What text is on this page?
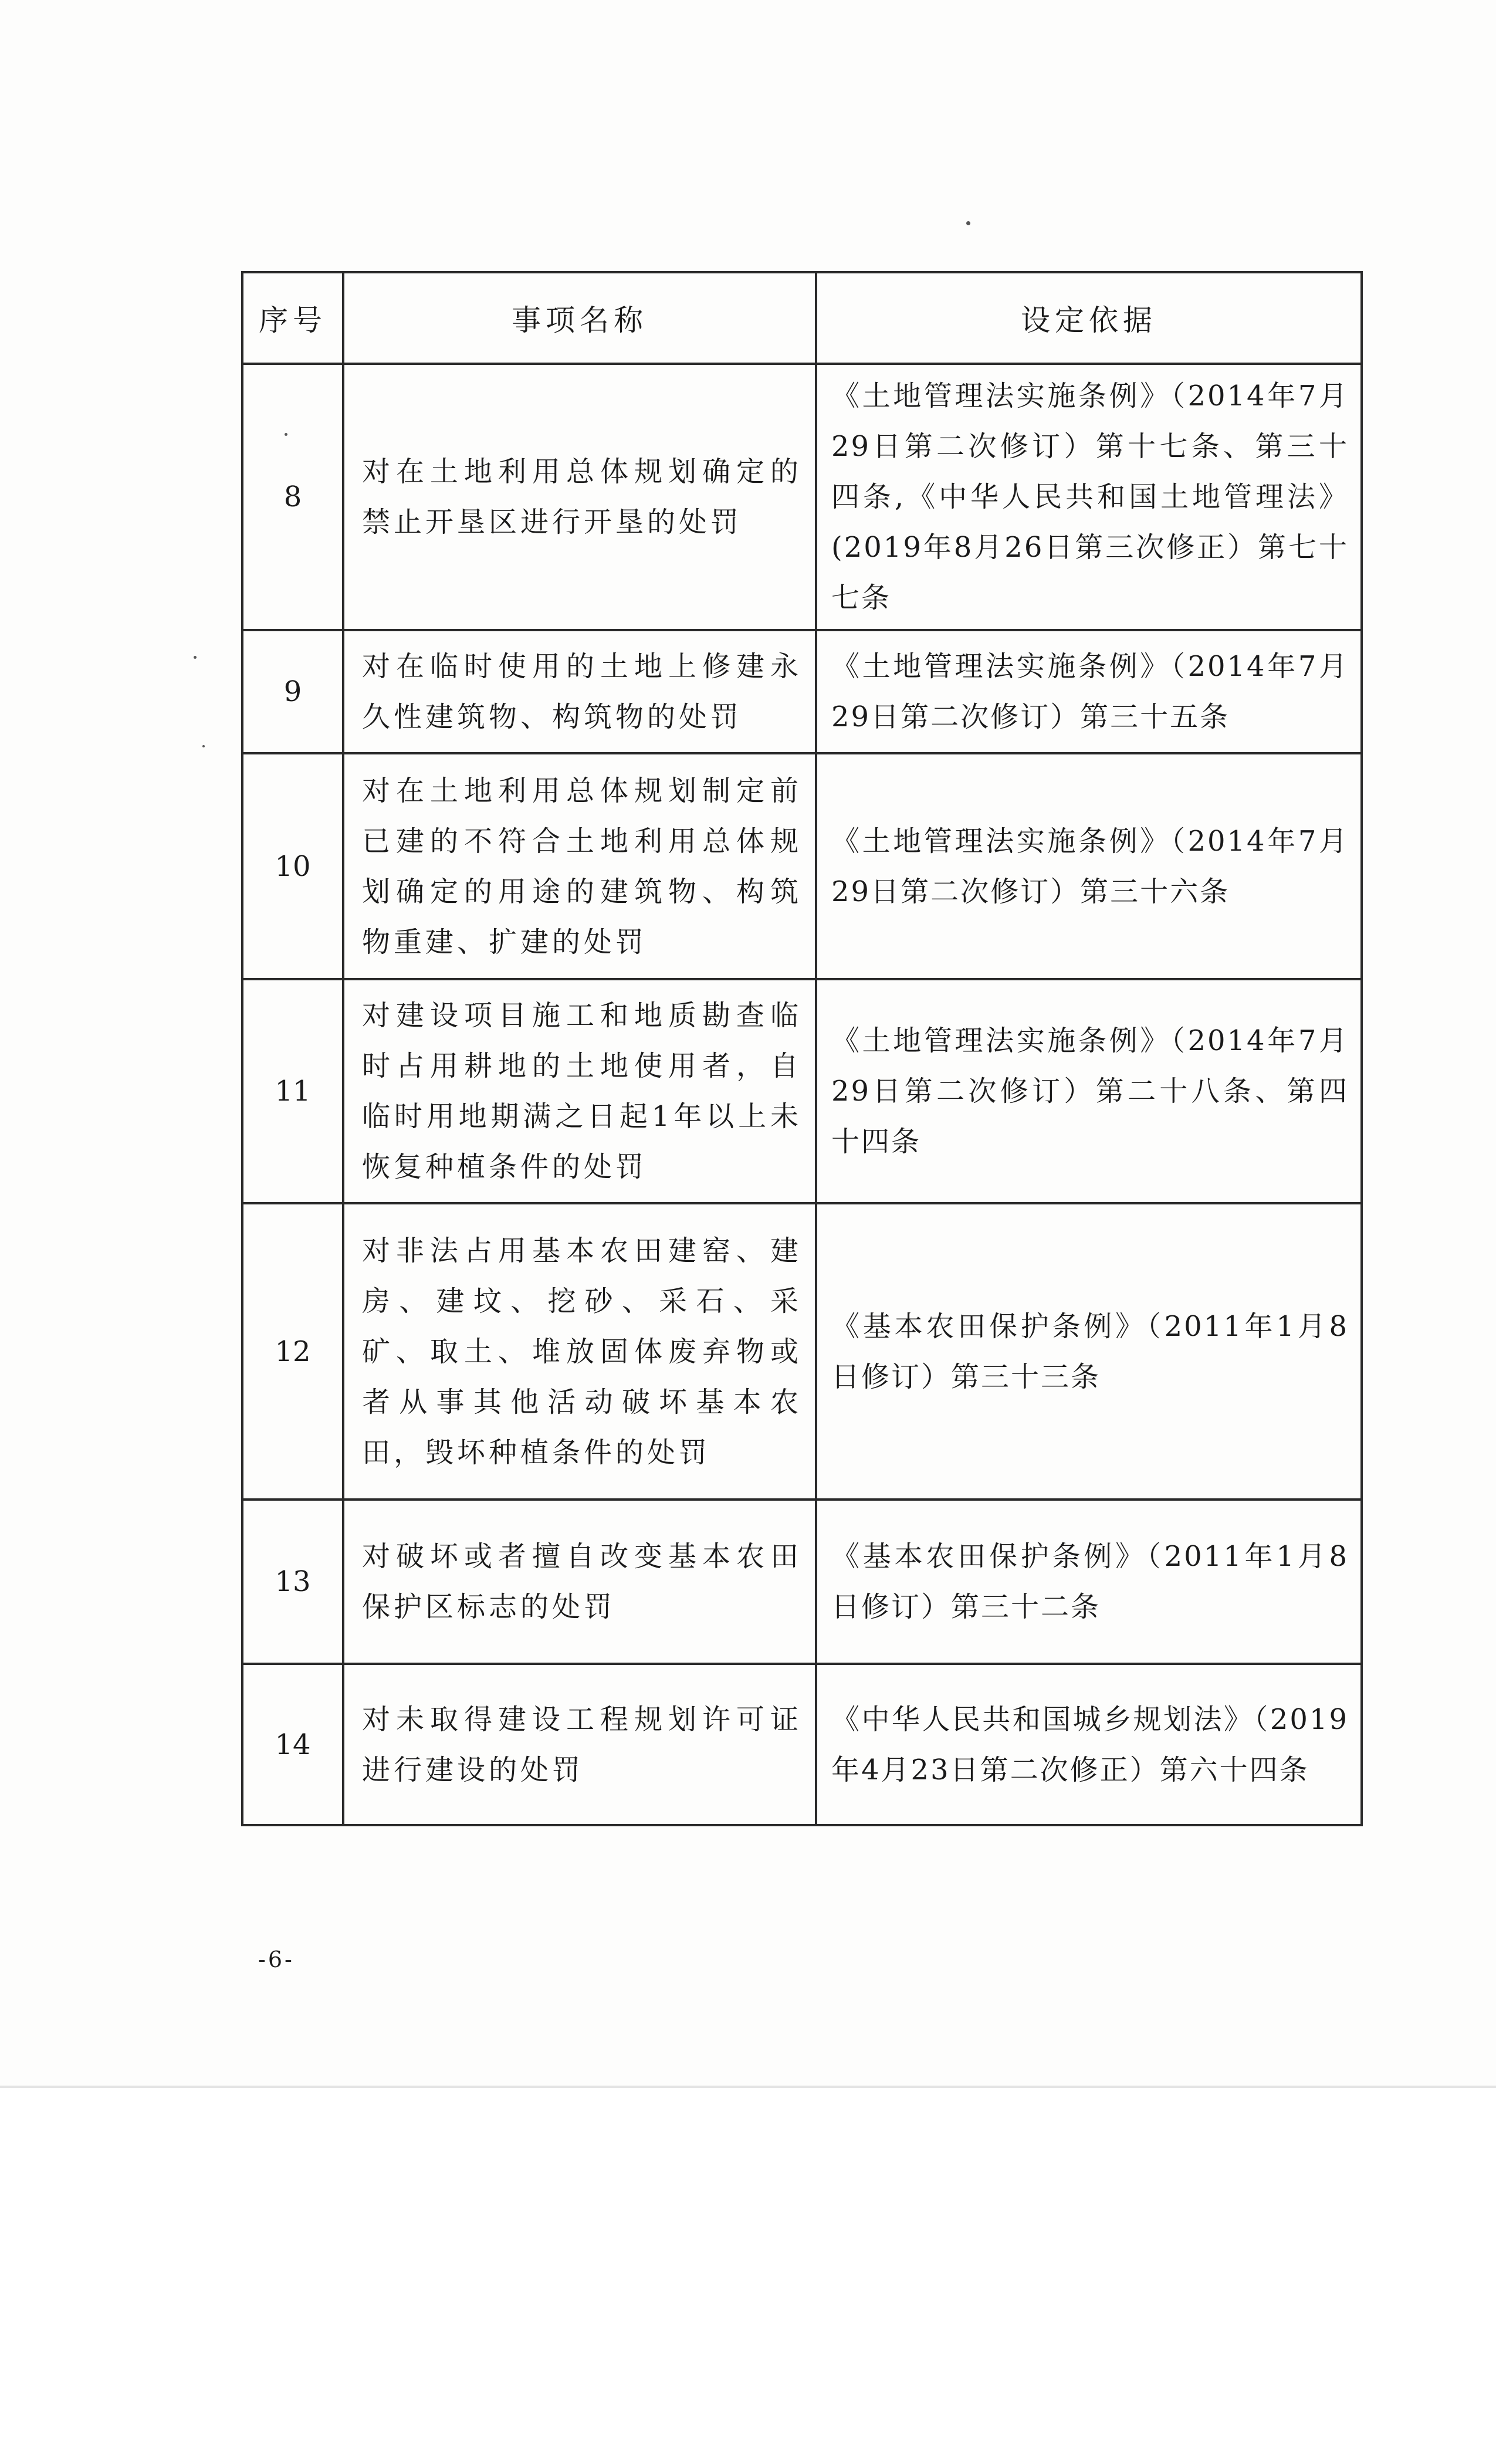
序号	事项名称	设定依据
8	对在土地利用总体规划确定的禁止开垦区进行开垦的处罚	《土地管理法实施条例》（2014年7月29日第二次修订）第十七条、第三十四条,《中华人民共和国土地管理法》(2019年8月26日第三次修正）第七十七条
9	对在临时使用的土地上修建永久性建筑物、构筑物的处罚	《土地管理法实施条例》（2014年7月29日第二次修订）第三十五条
10	对在土地利用总体规划制定前已建的不符合土地利用总体规划确定的用途的建筑物、构筑物重建、扩建的处罚	《土地管理法实施条例》（2014年7月29日第二次修订）第三十六条
11	对建设项目施工和地质勘查临时占用耕地的土地使用者，自临时用地期满之日起1年以上未恢复种植条件的处罚	《土地管理法实施条例》（2014年7月29日第二次修订）第二十八条、第四十四条
12	对非法占用基本农田建窑、建房、建坟、挖砂、采石、采矿、取土、堆放固体废弃物或者从事其他活动破坏基本农田，毁坏种植条件的处罚	《基本农田保护条例》（2011年1月8日修订）第三十三条
13	对破坏或者擅自改变基本农田保护区标志的处罚	《基本农田保护条例》（2011年1月8日修订）第三十二条
14	对未取得建设工程规划许可证进行建设的处罚	《中华人民共和国城乡规划法》（2019年4月23日第二次修正）第六十四条
-6-
